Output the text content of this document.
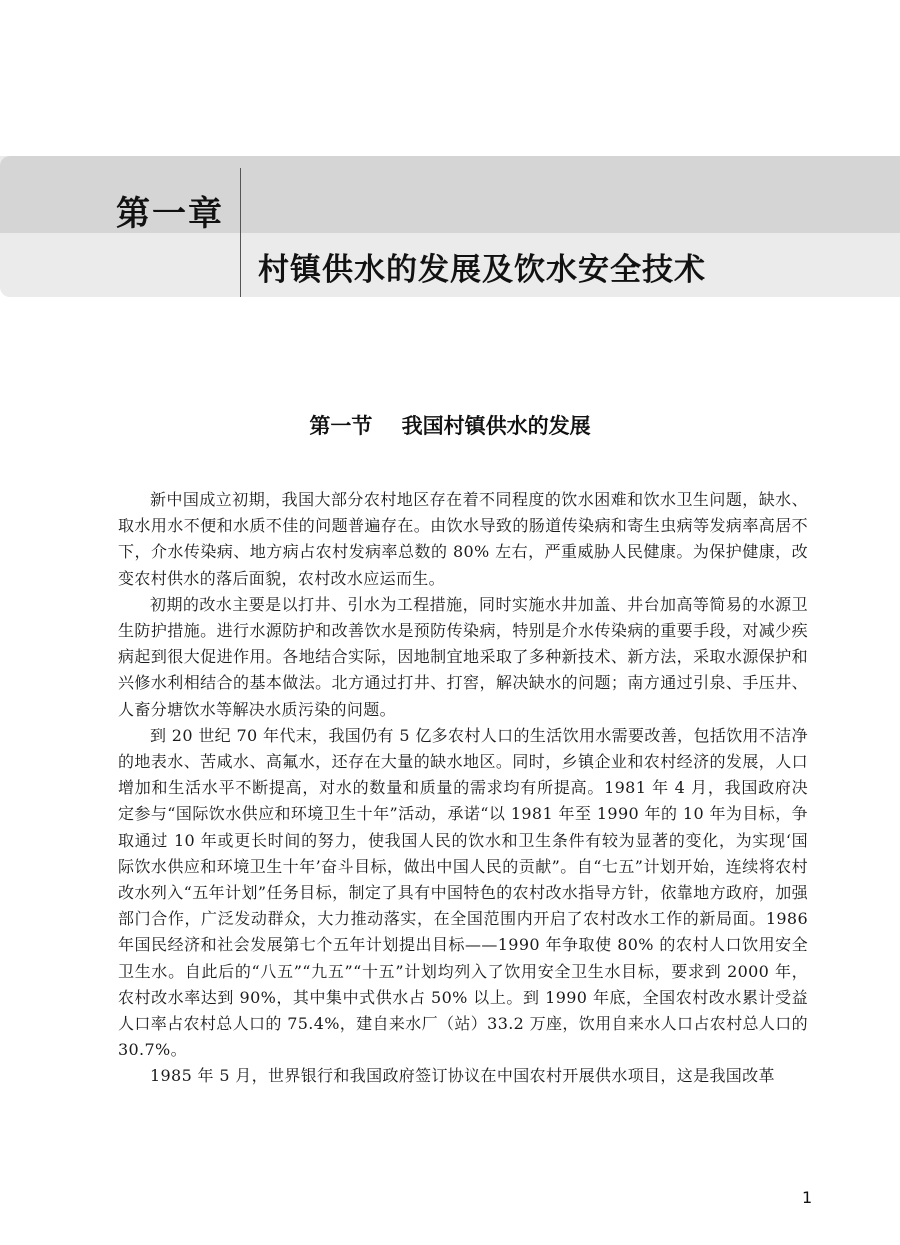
第一章
村镇供水的发展及饮水安全技术
第一节    我国村镇供水的发展

新中国成立初期，我国大部分农村地区存在着不同程度的饮水困难和饮水卫生问题，缺水、取水用水不便和水质不佳的问题普遍存在。由饮水导致的肠道传染病和寄生虫病等发病率高居不下，介水传染病、地方病占农村发病率总数的 80% 左右，严重威胁人民健康。为保护健康，改变农村供水的落后面貌，农村改水应运而生。

初期的改水主要是以打井、引水为工程措施，同时实施水井加盖、井台加高等简易的水源卫生防护措施。进行水源防护和改善饮水是预防传染病，特别是介水传染病的重要手段，对减少疾病起到很大促进作用。各地结合实际，因地制宜地采取了多种新技术、新方法，采取水源保护和兴修水利相结合的基本做法。北方通过打井、打窖，解决缺水的问题；南方通过引泉、手压井、人畜分塘饮水等解决水质污染的问题。

到 20 世纪 70 年代末，我国仍有 5 亿多农村人口的生活饮用水需要改善，包括饮用不洁净的地表水、苦咸水、高氟水，还存在大量的缺水地区。同时，乡镇企业和农村经济的发展，人口增加和生活水平不断提高，对水的数量和质量的需求均有所提高。1981 年 4 月，我国政府决定参与“国际饮水供应和环境卫生十年”活动，承诺“以 1981 年至 1990 年的 10 年为目标，争取通过 10 年或更长时间的努力，使我国人民的饮水和卫生条件有较为显著的变化，为实现‘国际饮水供应和环境卫生十年’奋斗目标，做出中国人民的贡献”。自“七五”计划开始，连续将农村改水列入“五年计划”任务目标，制定了具有中国特色的农村改水指导方针，依靠地方政府，加强部门合作，广泛发动群众，大力推动落实，在全国范围内开启了农村改水工作的新局面。1986 年国民经济和社会发展第七个五年计划提出目标——1990 年争取使 80% 的农村人口饮用安全卫生水。自此后的“八五”“九五”“十五”计划均列入了饮用安全卫生水目标，要求到 2000 年，农村改水率达到 90%，其中集中式供水占 50% 以上。到 1990 年底，全国农村改水累计受益人口率占农村总人口的 75.4%，建自来水厂（站）33.2 万座，饮用自来水人口占农村总人口的 30.7%。

1985 年 5 月，世界银行和我国政府签订协议在中国农村开展供水项目，这是我国改革

1
